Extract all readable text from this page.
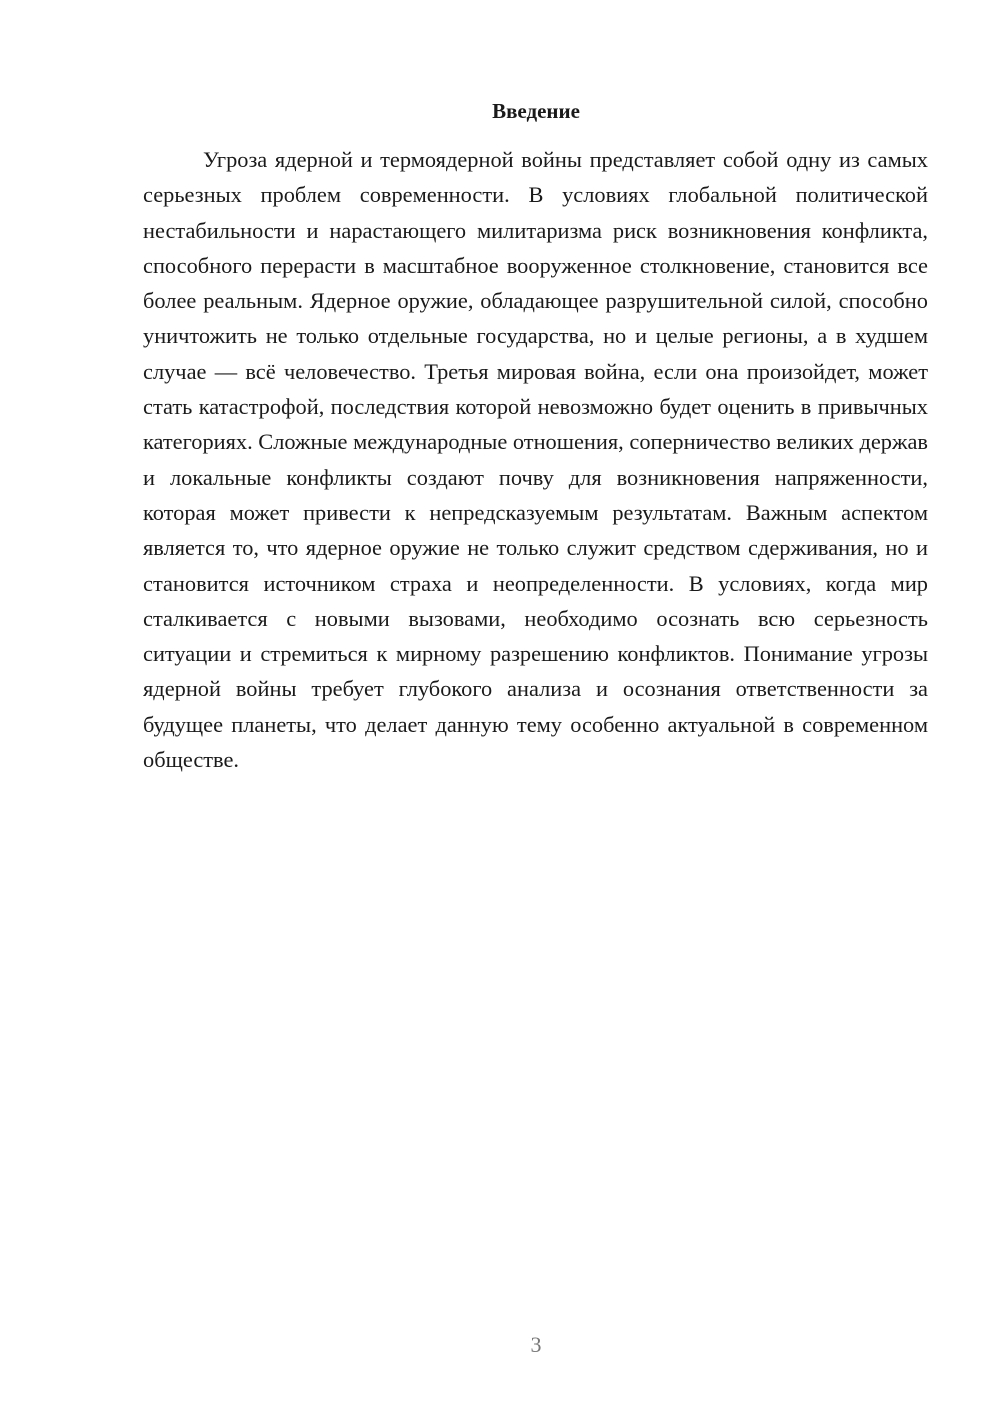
Введение

Угроза ядерной и термоядерной войны представляет собой одну из самых серьезных проблем современности. В условиях глобальной политической нестабильности и нарастающего милитаризма риск возникновения конфликта, способного перерасти в масштабное вооруженное столкновение, становится все более реальным. Ядерное оружие, обладающее разрушительной силой, способно уничтожить не только отдельные государства, но и целые регионы, а в худшем случае — всё человечество. Третья мировая война, если она произойдет, может стать катастрофой, последствия которой невозможно будет оценить в привычных категориях. Сложные международные отношения, соперничество великих держав и локальные конфликты создают почву для возникновения напряженности, которая может привести к непредсказуемым результатам. Важным аспектом является то, что ядерное оружие не только служит средством сдерживания, но и становится источником страха и неопределенности. В условиях, когда мир сталкивается с новыми вызовами, необходимо осознать всю серьезность ситуации и стремиться к мирному разрешению конфликтов. Понимание угрозы ядерной войны требует глубокого анализа и осознания ответственности за будущее планеты, что делает данную тему особенно актуальной в современном обществе.

3
